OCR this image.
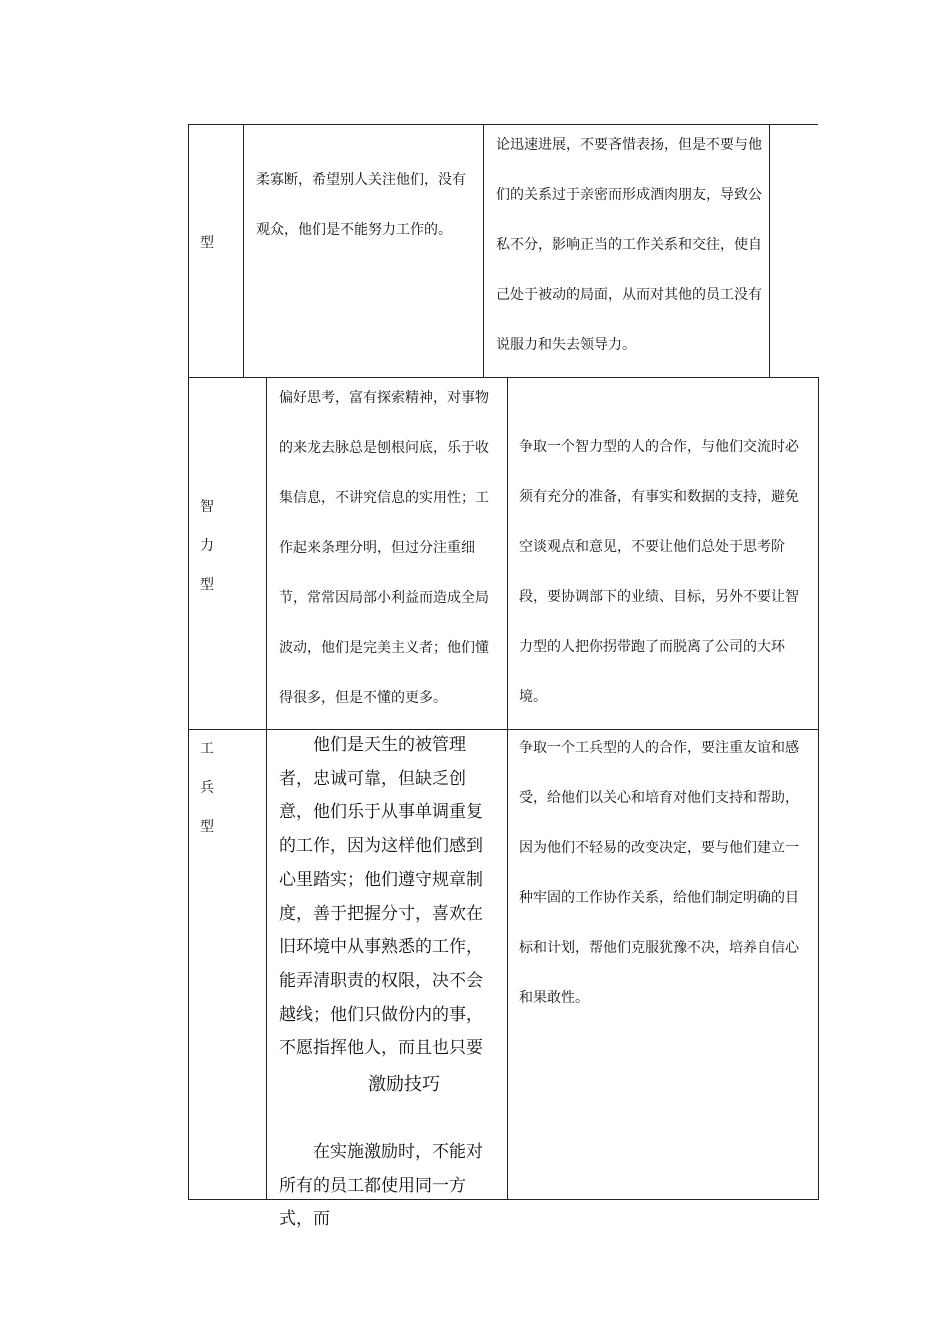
型
柔寡断，希望别人关注他们，没有观众，他们是不能努力工作的。
论迅速进展，不要吝惜表扬，但是不要与他们的关系过于亲密而形成酒肉朋友，导致公私不分，影响正当的工作关系和交往，使自己处于被动的局面，从而对其他的员工没有说服力和失去领导力。
智力型
偏好思考，富有探索精神，对事物的来龙去脉总是刨根问底，乐于收集信息，不讲究信息的实用性；工作起来条理分明，但过分注重细节，常常因局部小利益而造成全局波动，他们是完美主义者；他们懂得很多，但是不懂的更多。
争取一个智力型的人的合作，与他们交流时必须有充分的准备，有事实和数据的支持，避免空谈观点和意见，不要让他们总处于思考阶段，要协调部下的业绩、目标，另外不要让智力型的人把你拐带跑了而脱离了公司的大环境。
工兵型
他们是天生的被管理者，忠诚可靠，但缺乏创意，他们乐于从事单调重复的工作，因为这样他们感到心里踏实；他们遵守规章制度，善于把握分寸，喜欢在旧环境中从事熟悉的工作，能弄清职责的权限，决不会越线；他们只做份内的事，不愿指挥他人，而且也只要
争取一个工兵型的人的合作，要注重友谊和感受，给他们以关心和培育对他们支持和帮助，因为他们不轻易的改变决定，要与他们建立一种牢固的工作协作关系，给他们制定明确的目标和计划，帮他们克服犹豫不决，培养自信心和果敢性。
激励技巧
在实施激励时，不能对所有的员工都使用同一方式，而
